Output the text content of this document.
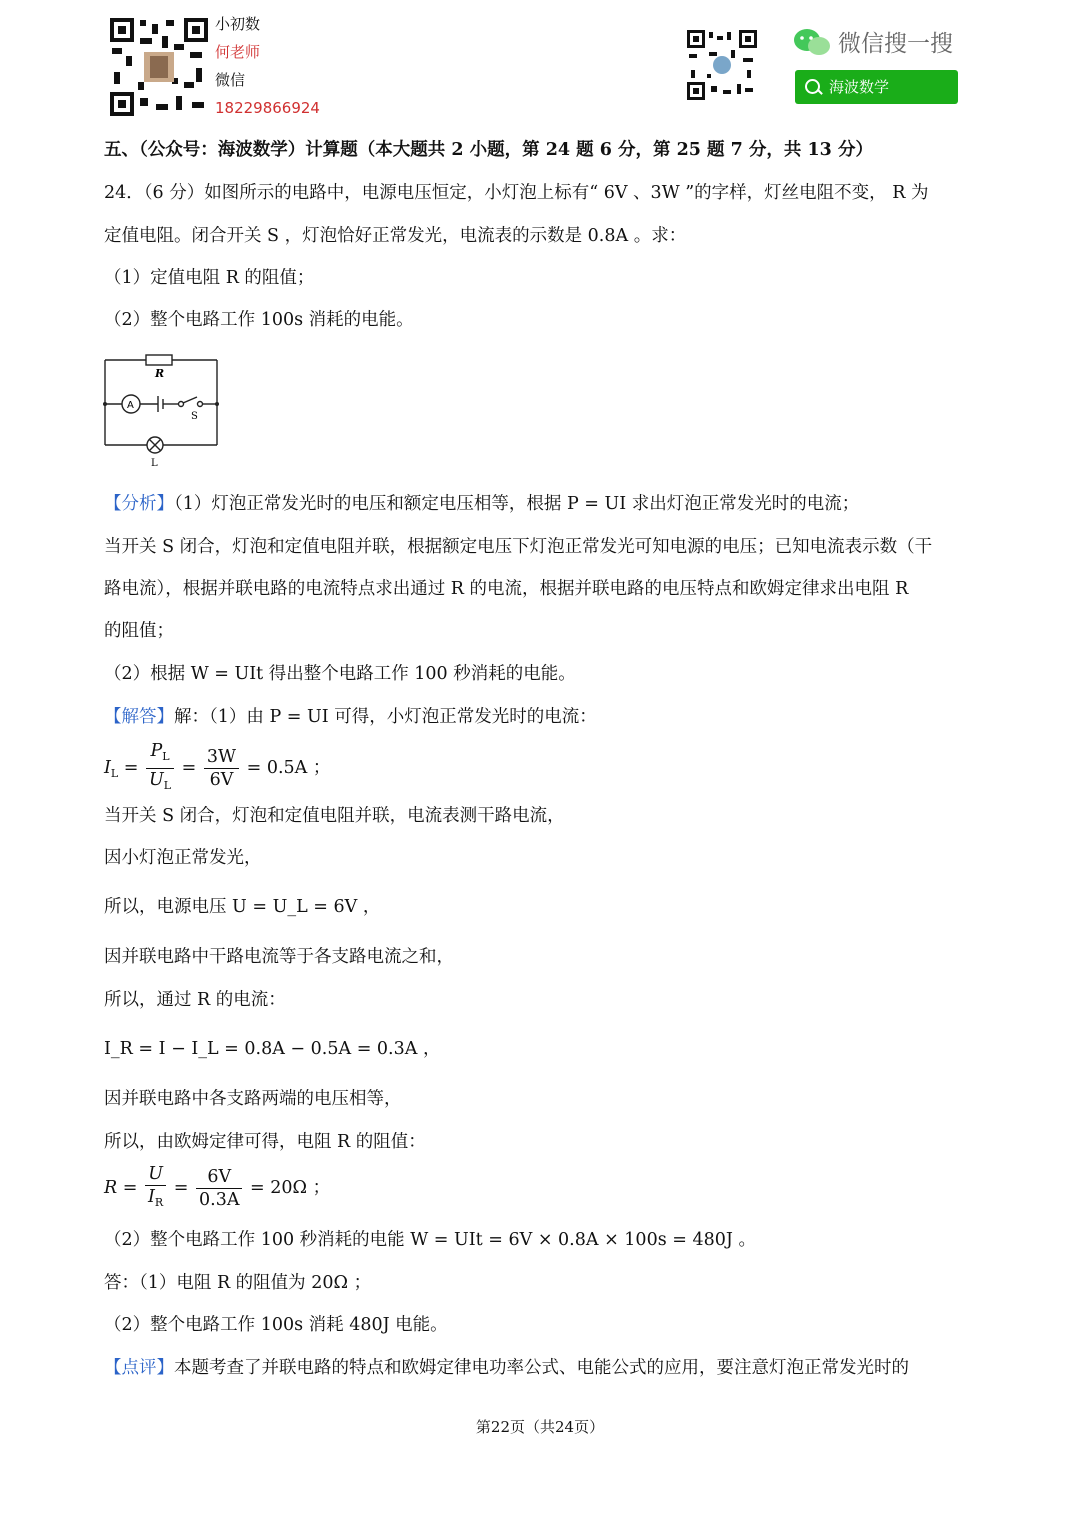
小初数
何老师
微信
18229866924
微信搜一搜
海波数学
五、（公众号：海波数学）计算题（本大题共 2 小题，第 24 题 6 分，第 25 题 7 分，共 13 分）
24．（6 分）如图所示的电路中，电源电压恒定，小灯泡上标有“ 6V 、3W ”的字样，灯丝电阻不变， R 为
定值电阻。闭合开关 S ，灯泡恰好正常发光，电流表的示数是 0.8A 。求：
（1）定值电阻 R 的阻值；
（2）整个电路工作 100s 消耗的电能。
R
A
S
L
【分析】（1）灯泡正常发光时的电压和额定电压相等，根据 P = UI 求出灯泡正常发光时的电流；
当开关 S 闭合，灯泡和定值电阻并联，根据额定电压下灯泡正常发光可知电源的电压；已知电流表示数（干
路电流），根据并联电路的电流特点求出通过 R 的电流，根据并联电路的电压特点和欧姆定律求出电阻 R
的阻值；
（2）根据 W = UIt 得出整个电路工作 100 秒消耗的电能。
【解答】解：（1）由 P = UI 可得，小灯泡正常发光时的电流：
$I_L = \frac{P_L}{U_L} = \frac{3W}{6V} = 0.5A$ ；
当开关 S 闭合，灯泡和定值电阻并联，电流表测干路电流，
因小灯泡正常发光，
所以，电源电压 U = U_L = 6V ，
因并联电路中干路电流等于各支路电流之和，
所以，通过 R 的电流：
I_R = I − I_L = 0.8A − 0.5A = 0.3A ，
因并联电路中各支路两端的电压相等，
所以，由欧姆定律可得，电阻 R 的阻值：
$R = \frac{U}{I_R} = \frac{6V}{0.3A} = 20\Omega$ ；
（2）整个电路工作 100 秒消耗的电能 W = UIt = 6V × 0.8A × 100s = 480J 。
答：（1）电阻 R 的阻值为 20Ω ；
（2）整个电路工作 100s 消耗 480J 电能。
【点评】本题考查了并联电路的特点和欧姆定律电功率公式、电能公式的应用，要注意灯泡正常发光时的
第22页（共24页）
